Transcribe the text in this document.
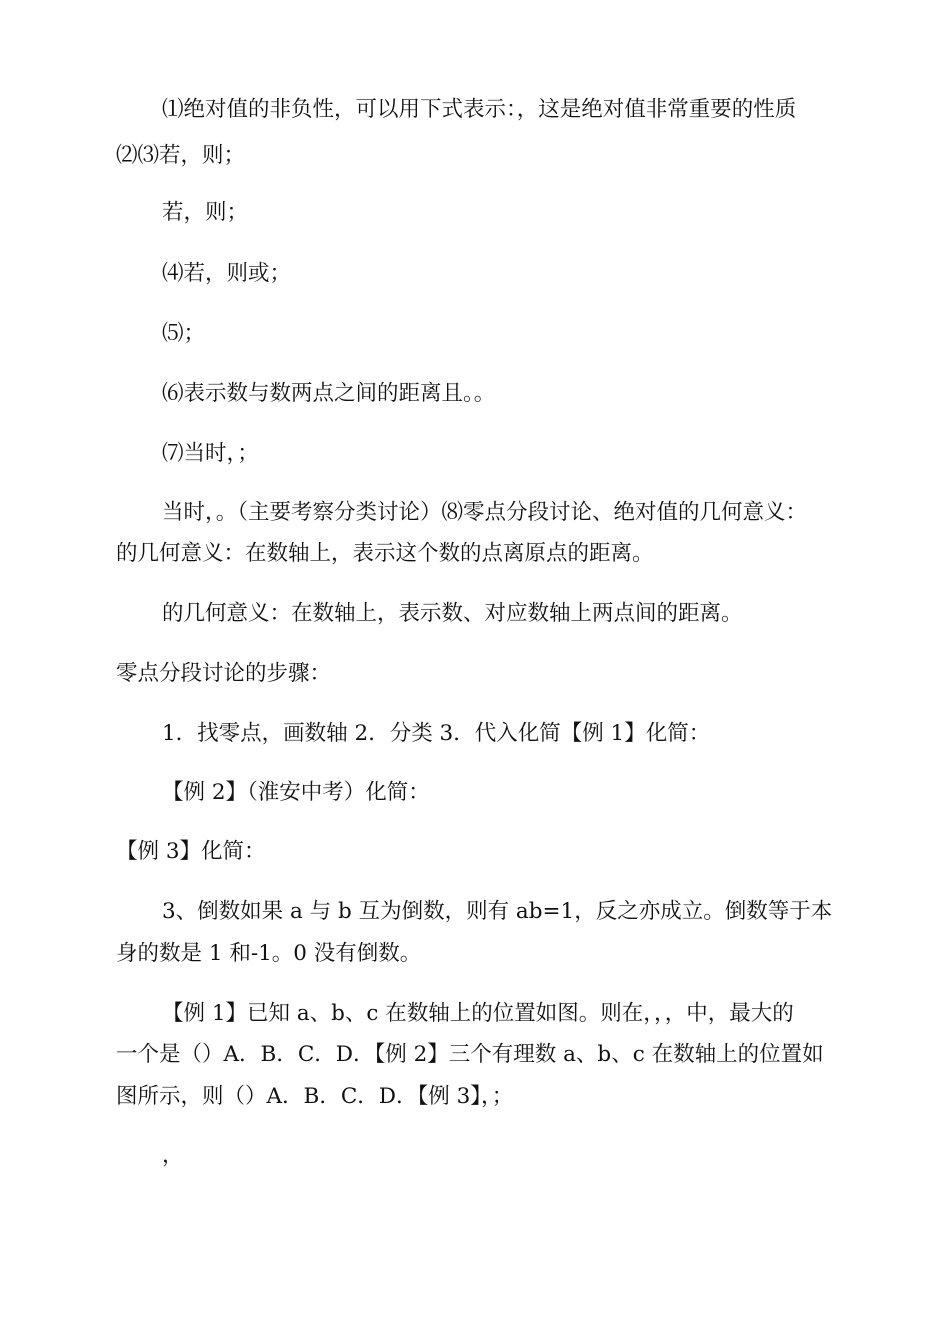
⑴绝对值的非负性，可以用下式表示：，这是绝对值非常重要的性质
⑵⑶若，则；
若，则；
⑷若，则或；
⑸；
⑹表示数与数两点之间的距离且。。
⑺当时，；
当时，。（主要考察分类讨论）⑻零点分段讨论、绝对值的几何意义：
的几何意义：在数轴上，表示这个数的点离原点的距离。
的几何意义：在数轴上，表示数、对应数轴上两点间的距离。
零点分段讨论的步骤：
1．找零点，画数轴 2．分类 3．代入化简【例 1】化简：
【例 2】（淮安中考）化简：
【例 3】化简：
3、倒数如果 a 与 b 互为倒数，则有 ab=1，反之亦成立。倒数等于本
身的数是 1 和-1。0 没有倒数。
【例 1】已知 a、b、c 在数轴上的位置如图。则在，，，中，最大的
一个是（）A．B．C．D．【例 2】三个有理数 a、b、c 在数轴上的位置如
图所示，则（）A．B．C．D．【例 3】，；
，
